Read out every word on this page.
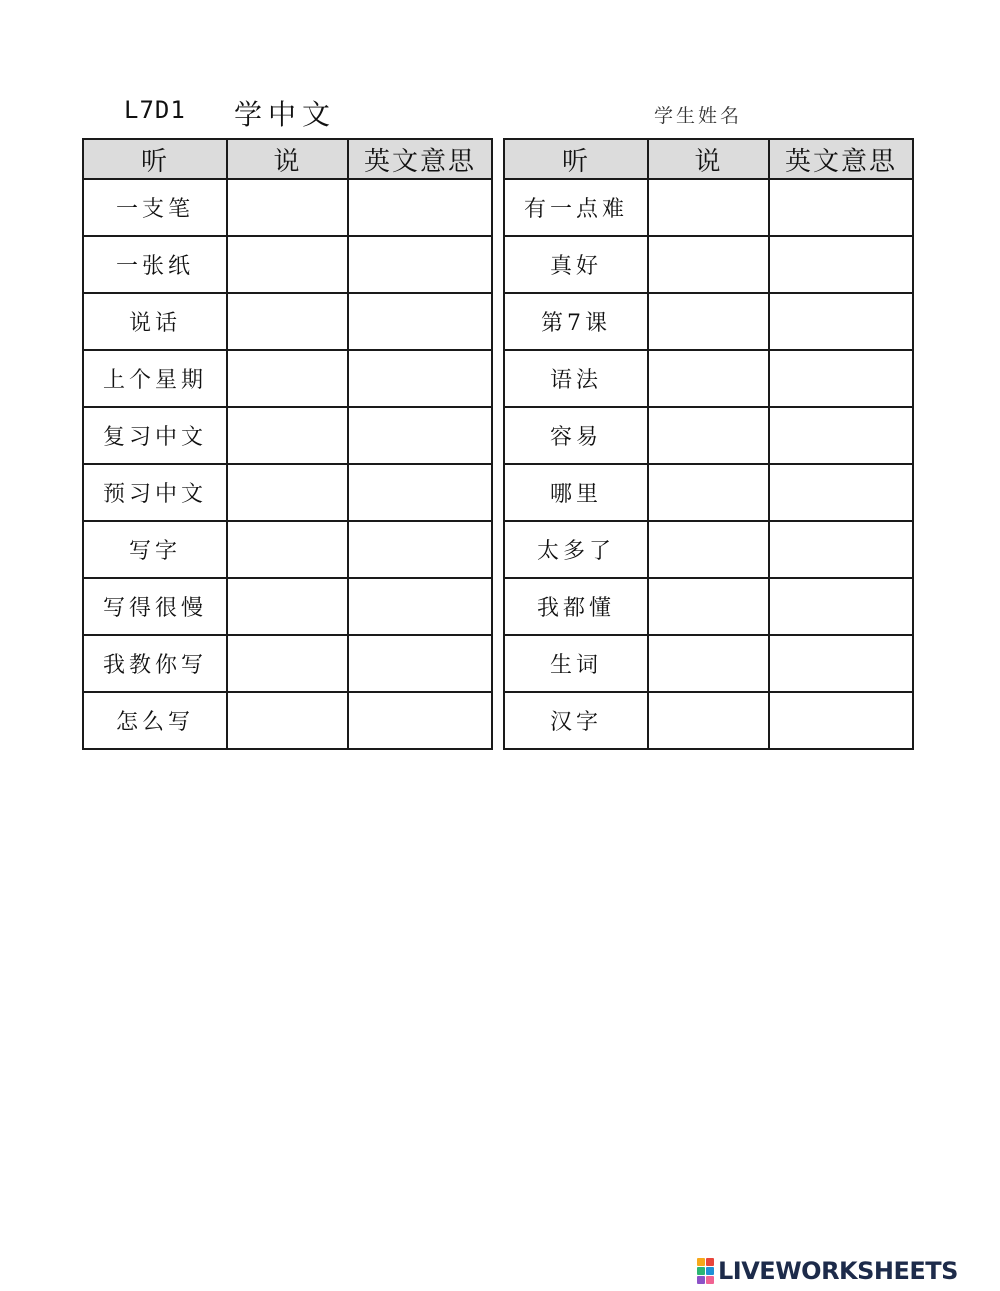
L7D1 学中文	学生姓名
听	说	英文意思
一支笔		
一张纸		
说话		
上个星期		
复习中文		
预习中文		
写字		
写得很慢		
我教你写		
怎么写		
听	说	英文意思
有一点难		
真好		
第7课		
语法		
容易		
哪里		
太多了		
我都懂		
生词		
汉字		
LIVEWORKSHEETS
